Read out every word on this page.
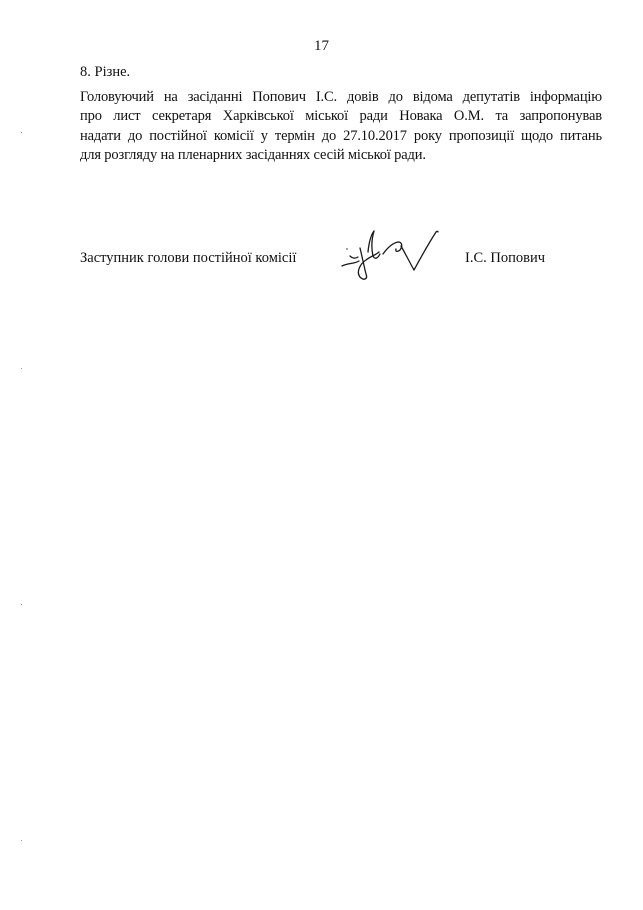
17
8. Різне.

Головуючий на засіданні Попович І.С. довів до відома депутатів інформацію
про лист секретаря Харківської міської ради Новака О.М. та запропонував
надати до постійної комісії у термін до 27.10.2017 року пропозиції щодо питань
для розгляду на пленарних засіданнях сесій міської ради.

Заступник голови постійної комісії	І.С. Попович
